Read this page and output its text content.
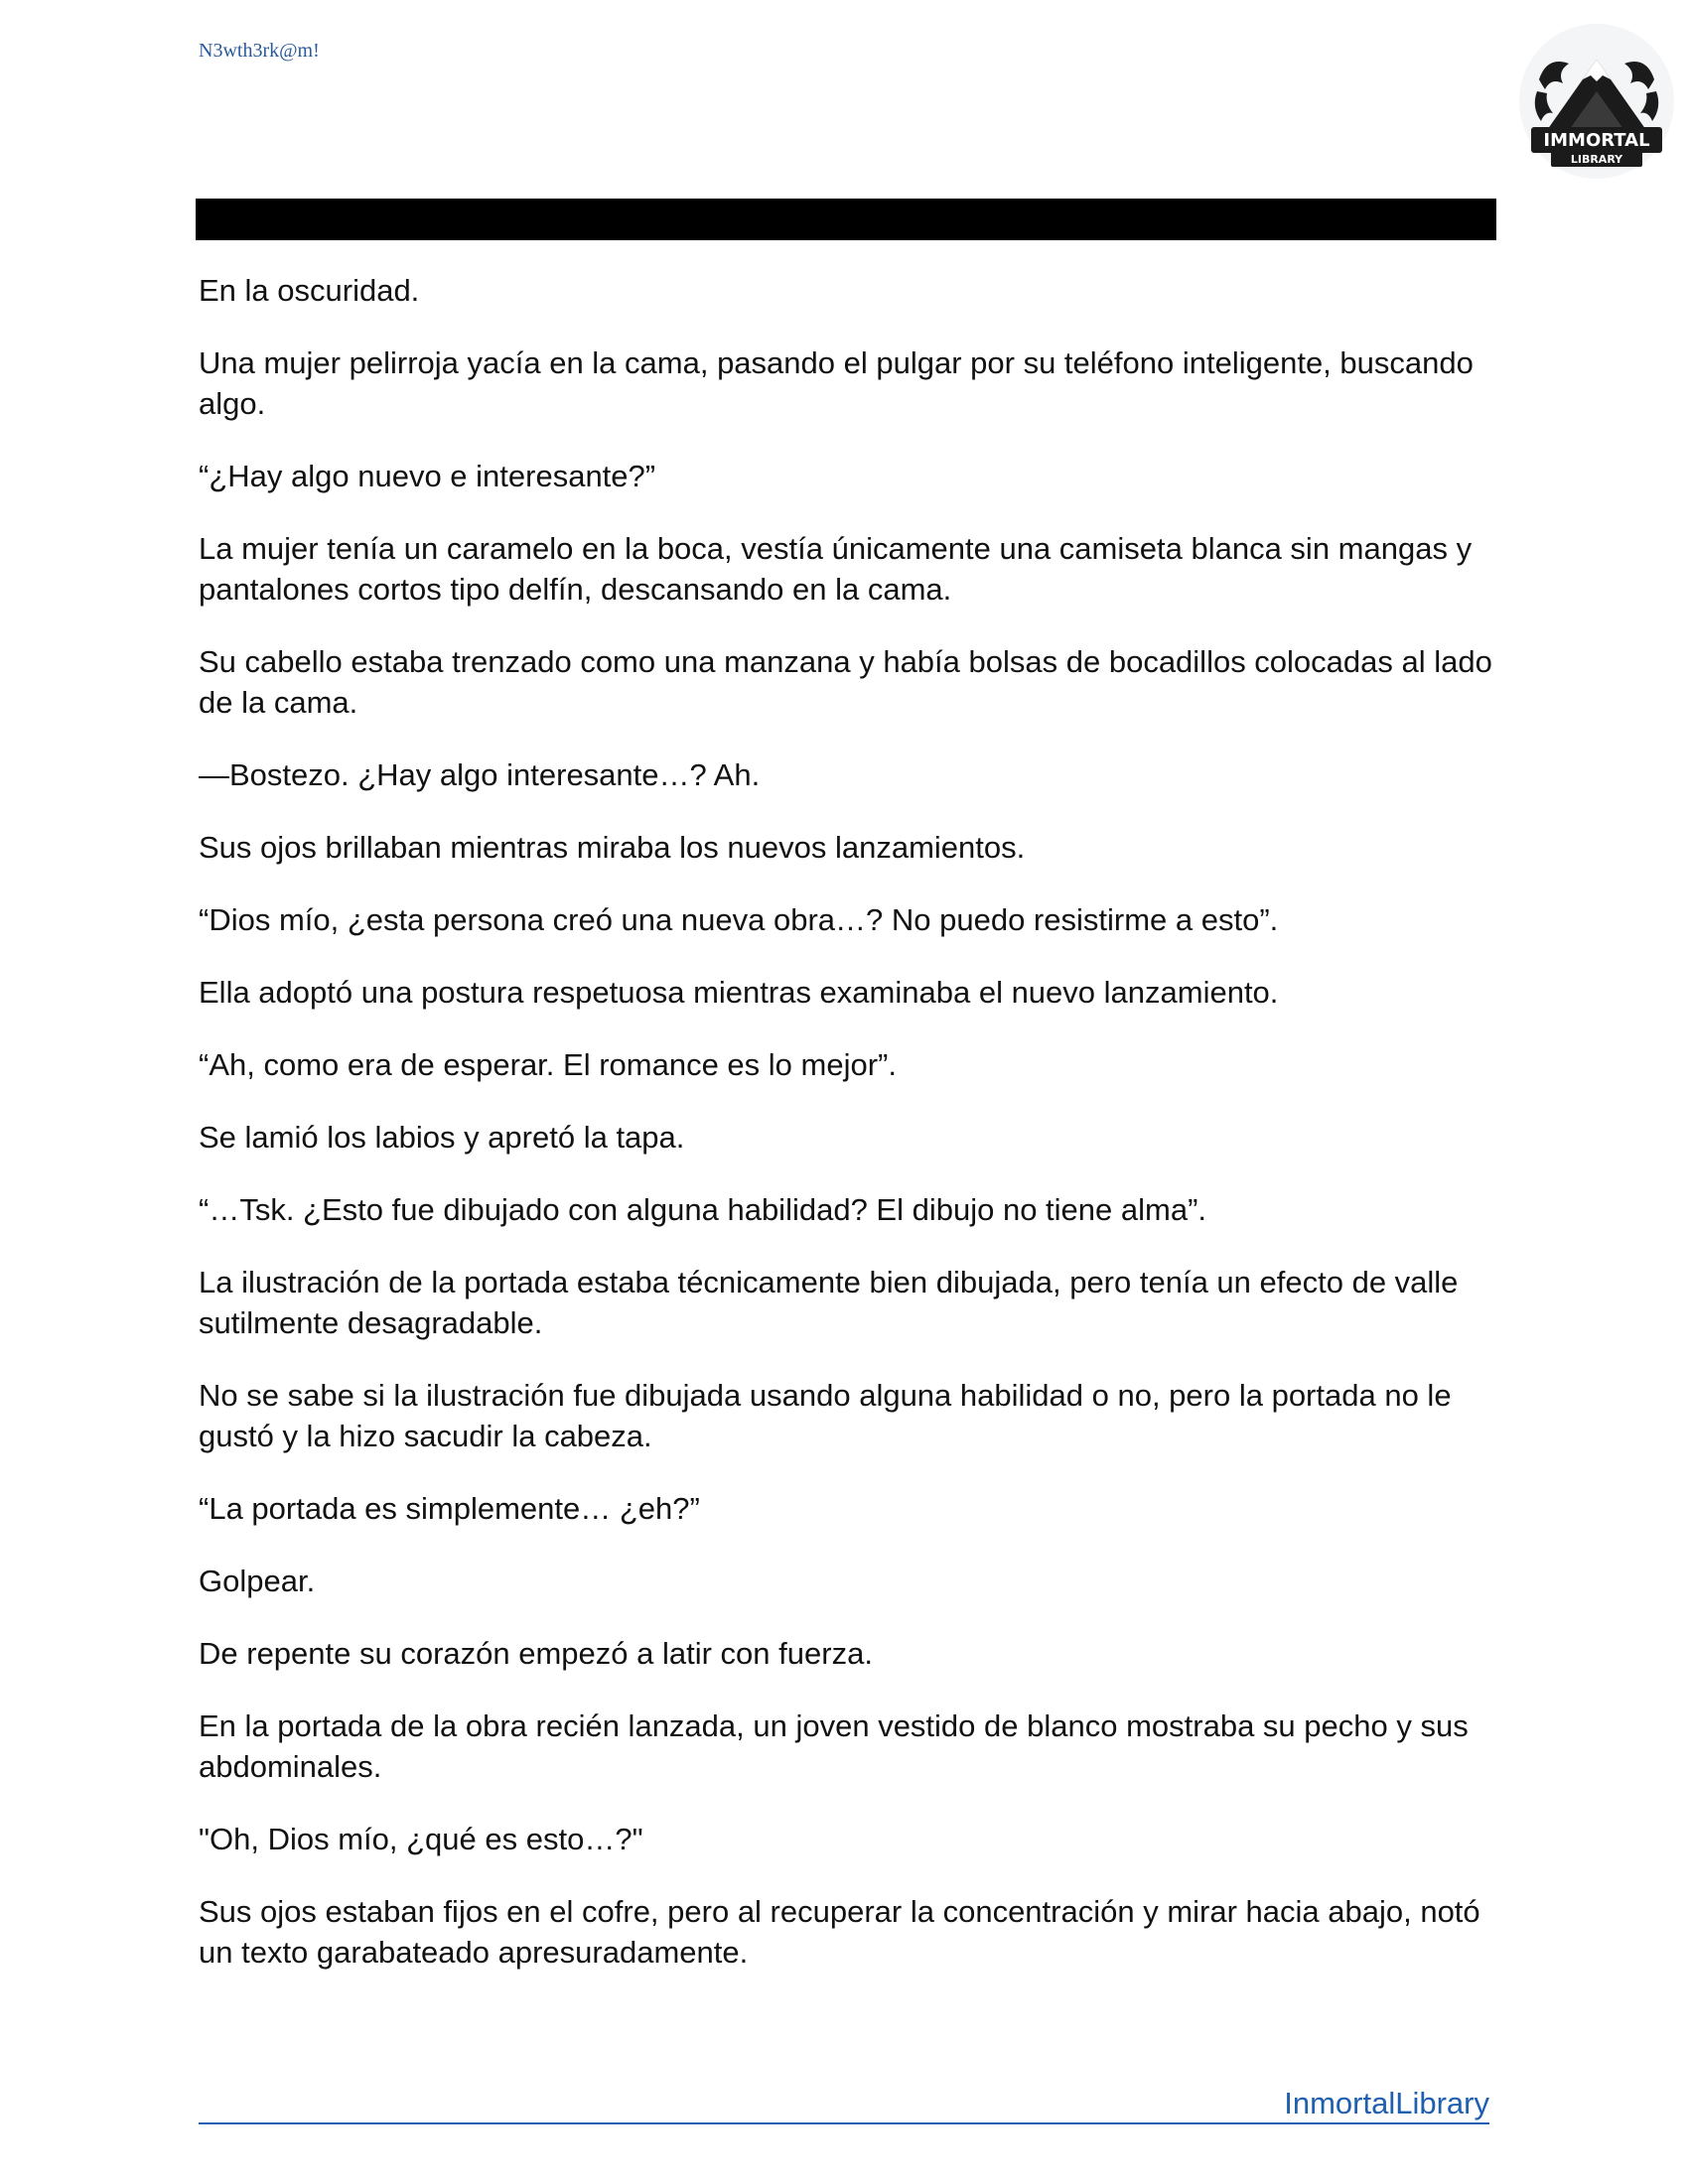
N3wth3rk@m!
IMMORTAL
LIBRARY

En la oscuridad.

Una mujer pelirroja yacía en la cama, pasando el pulgar por su teléfono inteligente, buscando algo.

“¿Hay algo nuevo e interesante?”

La mujer tenía un caramelo en la boca, vestía únicamente una camiseta blanca sin mangas y pantalones cortos tipo delfín, descansando en la cama.

Su cabello estaba trenzado como una manzana y había bolsas de bocadillos colocadas al lado de la cama.

—Bostezo. ¿Hay algo interesante…? Ah.

Sus ojos brillaban mientras miraba los nuevos lanzamientos.

“Dios mío, ¿esta persona creó una nueva obra…? No puedo resistirme a esto”.

Ella adoptó una postura respetuosa mientras examinaba el nuevo lanzamiento.

“Ah, como era de esperar. El romance es lo mejor”.

Se lamió los labios y apretó la tapa.

“…Tsk. ¿Esto fue dibujado con alguna habilidad? El dibujo no tiene alma”.

La ilustración de la portada estaba técnicamente bien dibujada, pero tenía un efecto de valle sutilmente desagradable.

No se sabe si la ilustración fue dibujada usando alguna habilidad o no, pero la portada no le gustó y la hizo sacudir la cabeza.

“La portada es simplemente… ¿eh?”

Golpear.

De repente su corazón empezó a latir con fuerza.

En la portada de la obra recién lanzada, un joven vestido de blanco mostraba su pecho y sus abdominales.

"Oh, Dios mío, ¿qué es esto…?"

Sus ojos estaban fijos en el cofre, pero al recuperar la concentración y mirar hacia abajo, notó un texto garabateado apresuradamente.

InmortalLibrary
